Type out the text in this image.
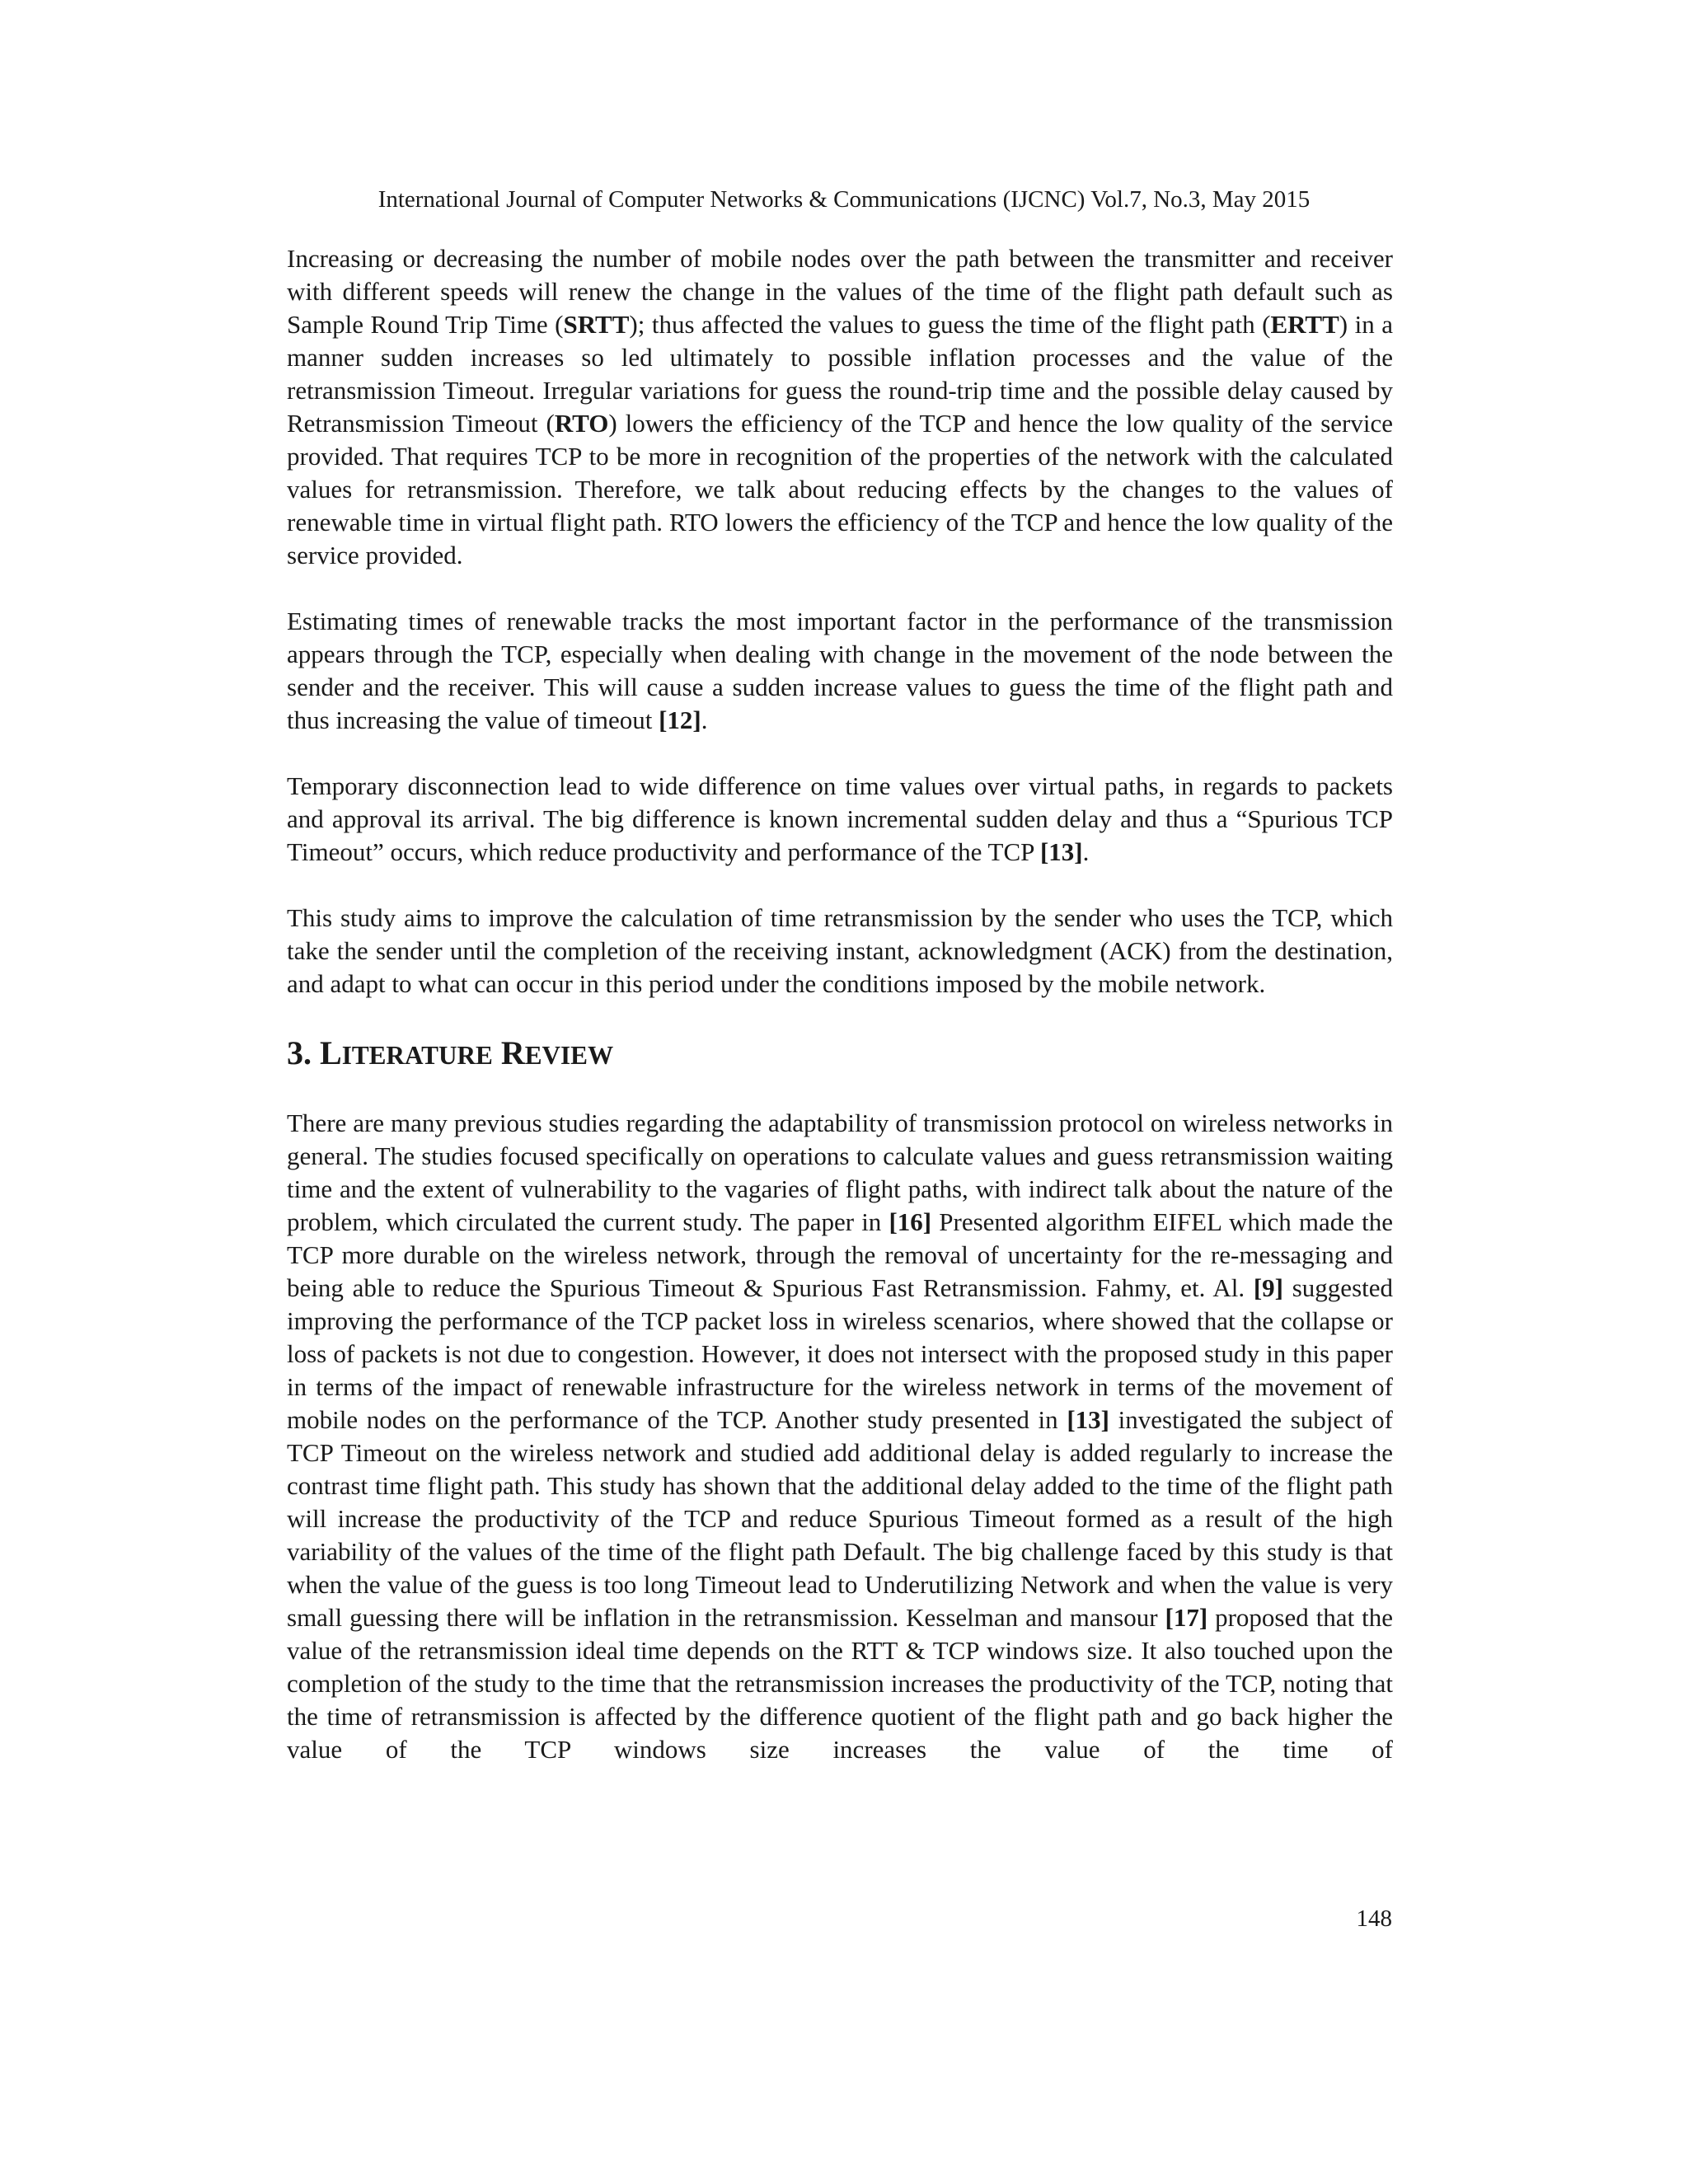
International Journal of Computer Networks & Communications (IJCNC) Vol.7, No.3, May 2015

Increasing or decreasing the number of mobile nodes over the path between the transmitter and receiver with different speeds will renew the change in the values of the time of the flight path default such as Sample Round Trip Time (SRTT); thus affected the values to guess the time of the flight path (ERTT) in a manner sudden increases so led ultimately to possible inflation processes and the value of the retransmission Timeout. Irregular variations for guess the round-trip time and the possible delay caused by Retransmission Timeout (RTO) lowers the efficiency of the TCP and hence the low quality of the service provided. That requires TCP to be more in recognition of the properties of the network with the calculated values for retransmission. Therefore, we talk about reducing effects by the changes to the values of renewable time in virtual flight path. RTO lowers the efficiency of the TCP and hence the low quality of the service provided.

Estimating times of renewable tracks the most important factor in the performance of the transmission appears through the TCP, especially when dealing with change in the movement of the node between the sender and the receiver. This will cause a sudden increase values to guess the time of the flight path and thus increasing the value of timeout [12].

Temporary disconnection lead to wide difference on time values over virtual paths, in regards to packets and approval its arrival. The big difference is known incremental sudden delay and thus a “Spurious TCP Timeout” occurs, which reduce productivity and performance of the TCP [13].

This study aims to improve the calculation of time retransmission by the sender who uses the TCP, which take the sender until the completion of the receiving instant, acknowledgment (ACK) from the destination, and adapt to what can occur in this period under the conditions imposed by the mobile network.

3. LITERATURE REVIEW

There are many previous studies regarding the adaptability of transmission protocol on wireless networks in general. The studies focused specifically on operations to calculate values and guess retransmission waiting time and the extent of vulnerability to the vagaries of flight paths, with indirect talk about the nature of the problem, which circulated the current study. The paper in [16] Presented algorithm EIFEL which made the TCP more durable on the wireless network, through the removal of uncertainty for the re-messaging and being able to reduce the Spurious Timeout & Spurious Fast Retransmission. Fahmy, et. Al. [9] suggested improving the performance of the TCP packet loss in wireless scenarios, where showed that the collapse or loss of packets is not due to congestion. However, it does not intersect with the proposed study in this paper in terms of the impact of renewable infrastructure for the wireless network in terms of the movement of mobile nodes on the performance of the TCP. Another study presented in [13] investigated the subject of TCP Timeout on the wireless network and studied add additional delay is added regularly to increase the contrast time flight path. This study has shown that the additional delay added to the time of the flight path will increase the productivity of the TCP and reduce Spurious Timeout formed as a result of the high variability of the values of the time of the flight path Default. The big challenge faced by this study is that when the value of the guess is too long Timeout lead to Underutilizing Network and when the value is very small guessing there will be inflation in the retransmission. Kesselman and mansour [17] proposed that the value of the retransmission ideal time depends on the RTT & TCP windows size. It also touched upon the completion of the study to the time that the retransmission increases the productivity of the TCP, noting that the time of retransmission is affected by the difference quotient of the flight path and go back higher the value of the TCP windows size increases the value of the time of

148
